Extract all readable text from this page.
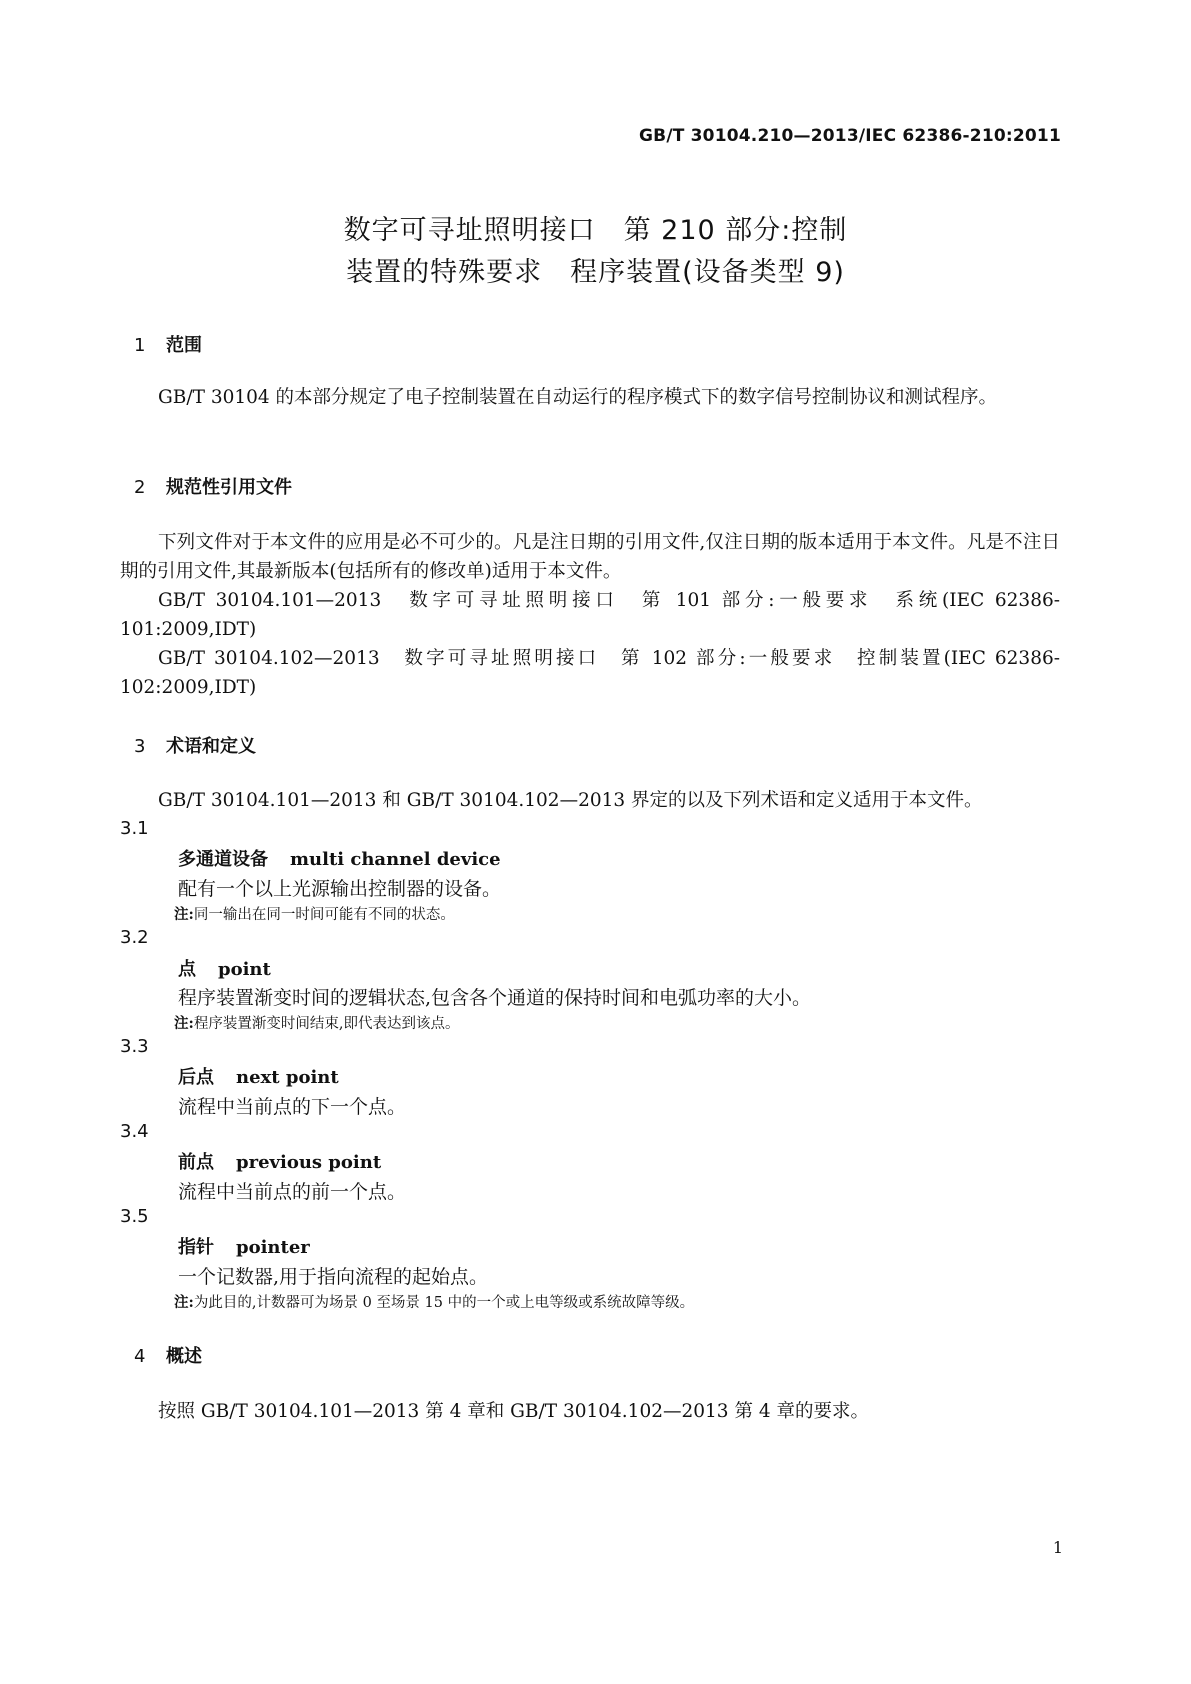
GB/T 30104.210—2013/IEC 62386-210:2011
数字可寻址照明接口　第 210 部分:控制
装置的特殊要求　程序装置(设备类型 9)
1 范围

GB/T 30104 的本部分规定了电子控制装置在自动运行的程序模式下的数字信号控制协议和测试程序。

2 规范性引用文件

下列文件对于本文件的应用是必不可少的。凡是注日期的引用文件,仅注日期的版本适用于本文件。凡是不注日期的引用文件,其最新版本(包括所有的修改单)适用于本文件。

GB/T 30104.101—2013　数字可寻址照明接口　第 101 部分:一般要求　系统(IEC 62386-101:2009,IDT)

GB/T 30104.102—2013　数字可寻址照明接口　第 102 部分:一般要求　控制装置(IEC 62386-102:2009,IDT)

3 术语和定义

GB/T 30104.101—2013 和 GB/T 30104.102—2013 界定的以及下列术语和定义适用于本文件。

3.1
多通道设备 multi channel device
配有一个以上光源输出控制器的设备。
注:同一输出在同一时间可能有不同的状态。
3.2
点 point
程序装置渐变时间的逻辑状态,包含各个通道的保持时间和电弧功率的大小。
注:程序装置渐变时间结束,即代表达到该点。
3.3
后点 next point
流程中当前点的下一个点。
3.4
前点 previous point
流程中当前点的前一个点。
3.5
指针 pointer
一个记数器,用于指向流程的起始点。
注:为此目的,计数器可为场景 0 至场景 15 中的一个或上电等级或系统故障等级。
4 概述

按照 GB/T 30104.101—2013 第 4 章和 GB/T 30104.102—2013 第 4 章的要求。

1
